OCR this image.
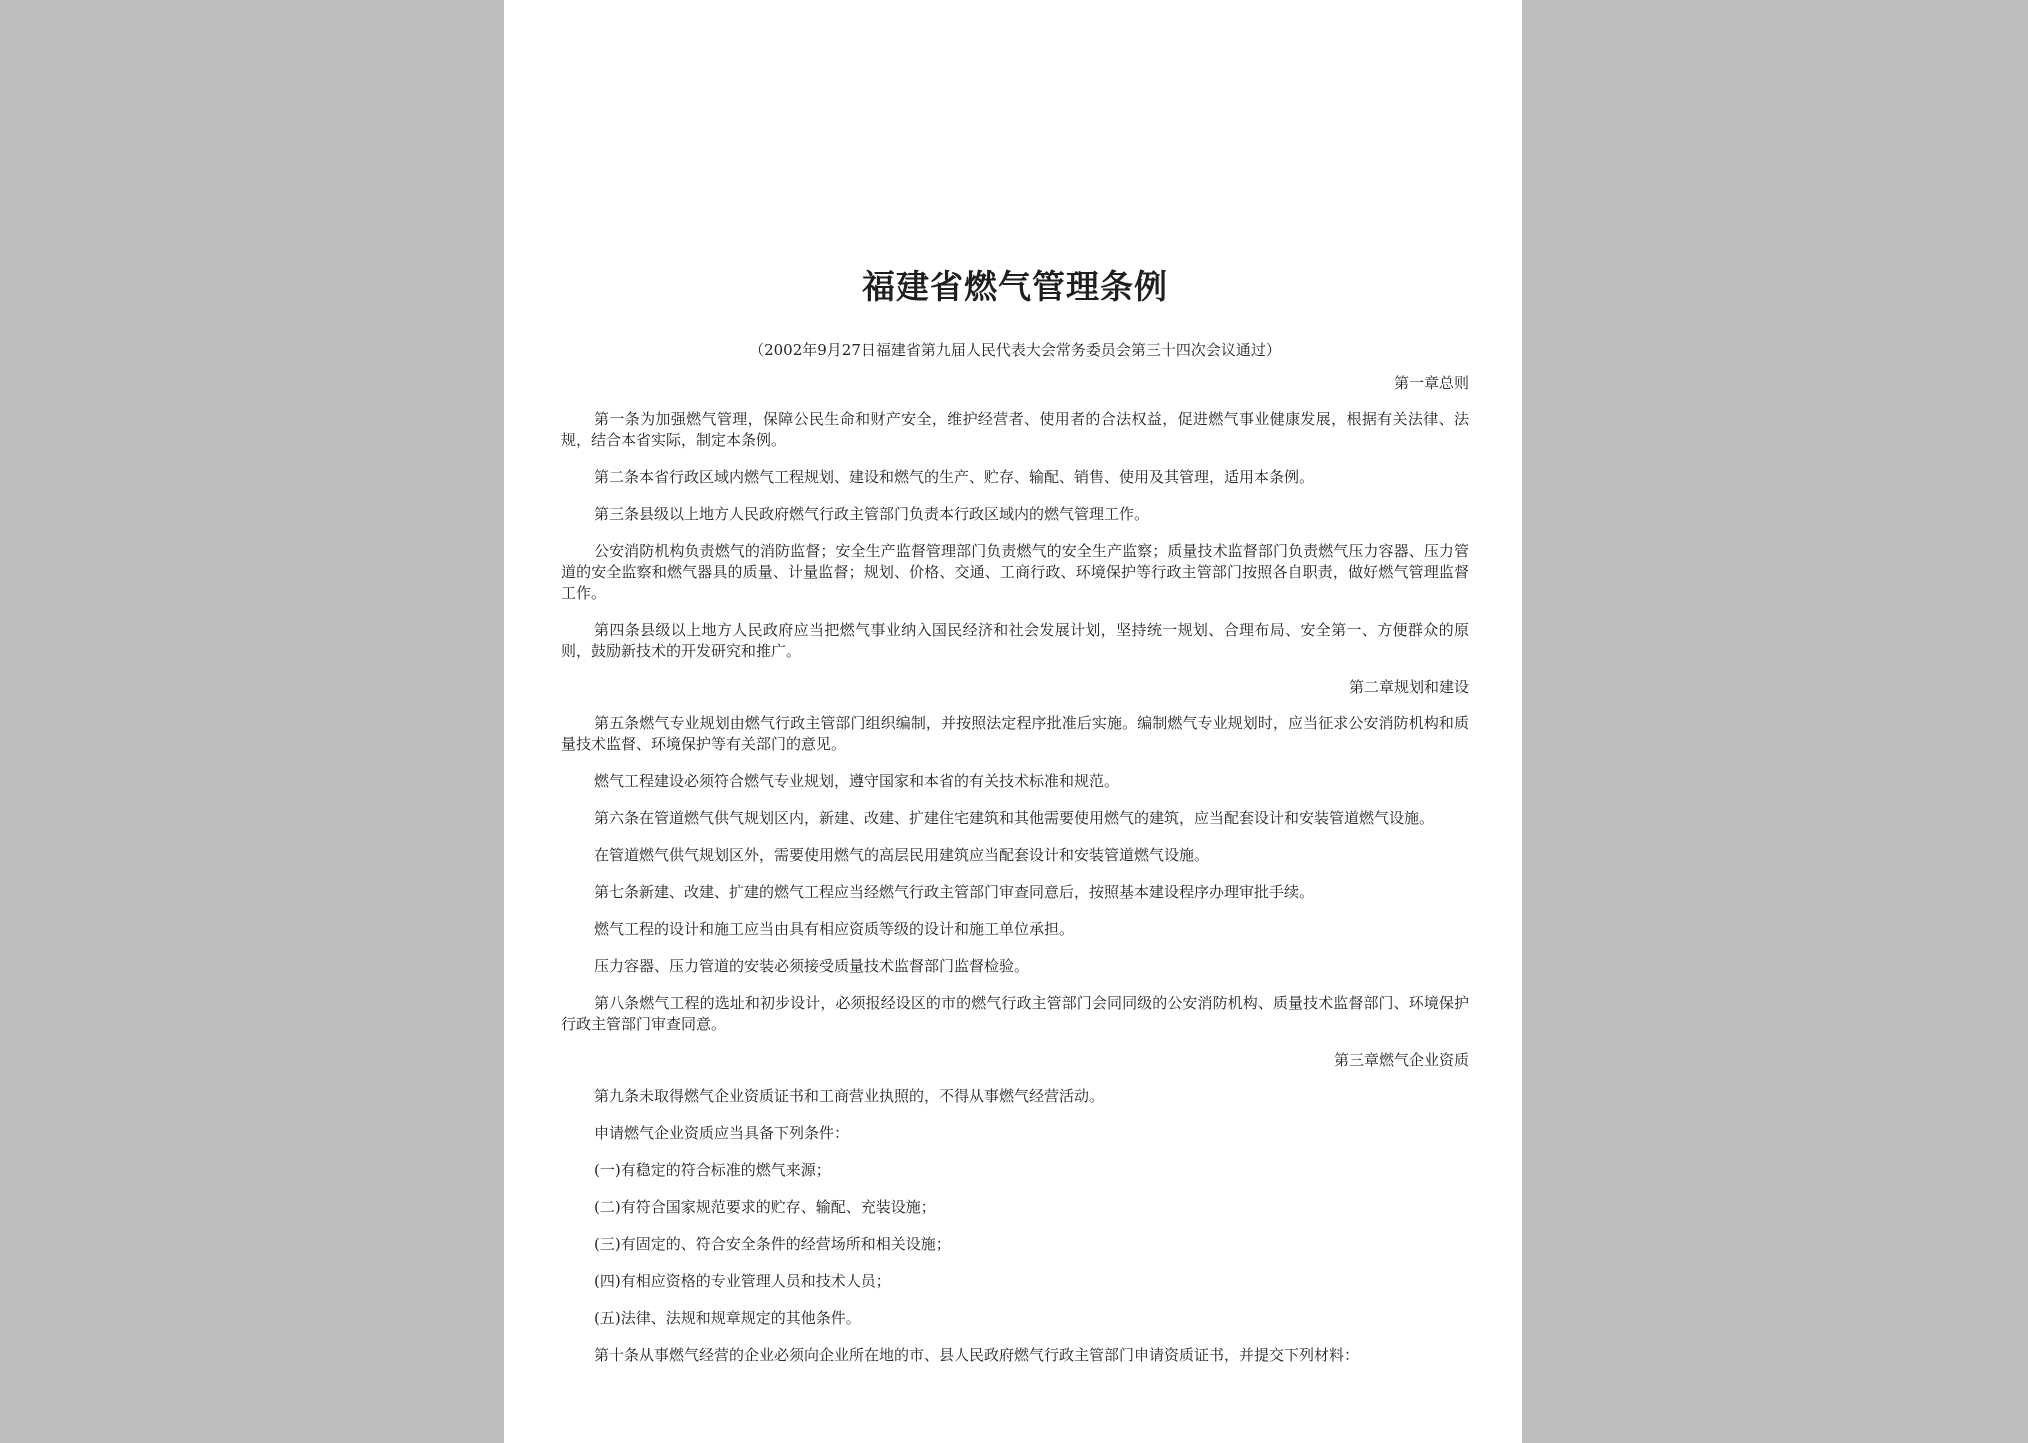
福建省燃气管理条例
（2002年9月27日福建省第九届人民代表大会常务委员会第三十四次会议通过）

第一章总则

第一条为加强燃气管理，保障公民生命和财产安全，维护经营者、使用者的合法权益，促进燃气事业健康发展，根据有关法律、法规，结合本省实际，制定本条例。

第二条本省行政区域内燃气工程规划、建设和燃气的生产、贮存、输配、销售、使用及其管理，适用本条例。

第三条县级以上地方人民政府燃气行政主管部门负责本行政区域内的燃气管理工作。

公安消防机构负责燃气的消防监督；安全生产监督管理部门负责燃气的安全生产监察；质量技术监督部门负责燃气压力容器、压力管道的安全监察和燃气器具的质量、计量监督；规划、价格、交通、工商行政、环境保护等行政主管部门按照各自职责，做好燃气管理监督工作。

第四条县级以上地方人民政府应当把燃气事业纳入国民经济和社会发展计划，坚持统一规划、合理布局、安全第一、方便群众的原则，鼓励新技术的开发研究和推广。

第二章规划和建设

第五条燃气专业规划由燃气行政主管部门组织编制，并按照法定程序批准后实施。编制燃气专业规划时，应当征求公安消防机构和质量技术监督、环境保护等有关部门的意见。

燃气工程建设必须符合燃气专业规划，遵守国家和本省的有关技术标准和规范。

第六条在管道燃气供气规划区内，新建、改建、扩建住宅建筑和其他需要使用燃气的建筑，应当配套设计和安装管道燃气设施。

在管道燃气供气规划区外，需要使用燃气的高层民用建筑应当配套设计和安装管道燃气设施。

第七条新建、改建、扩建的燃气工程应当经燃气行政主管部门审查同意后，按照基本建设程序办理审批手续。

燃气工程的设计和施工应当由具有相应资质等级的设计和施工单位承担。

压力容器、压力管道的安装必须接受质量技术监督部门监督检验。

第八条燃气工程的选址和初步设计，必须报经设区的市的燃气行政主管部门会同同级的公安消防机构、质量技术监督部门、环境保护行政主管部门审查同意。

第三章燃气企业资质

第九条未取得燃气企业资质证书和工商营业执照的，不得从事燃气经营活动。

申请燃气企业资质应当具备下列条件：

(一)有稳定的符合标准的燃气来源；

(二)有符合国家规范要求的贮存、输配、充装设施；

(三)有固定的、符合安全条件的经营场所和相关设施；

(四)有相应资格的专业管理人员和技术人员；

(五)法律、法规和规章规定的其他条件。

第十条从事燃气经营的企业必须向企业所在地的市、县人民政府燃气行政主管部门申请资质证书，并提交下列材料：
